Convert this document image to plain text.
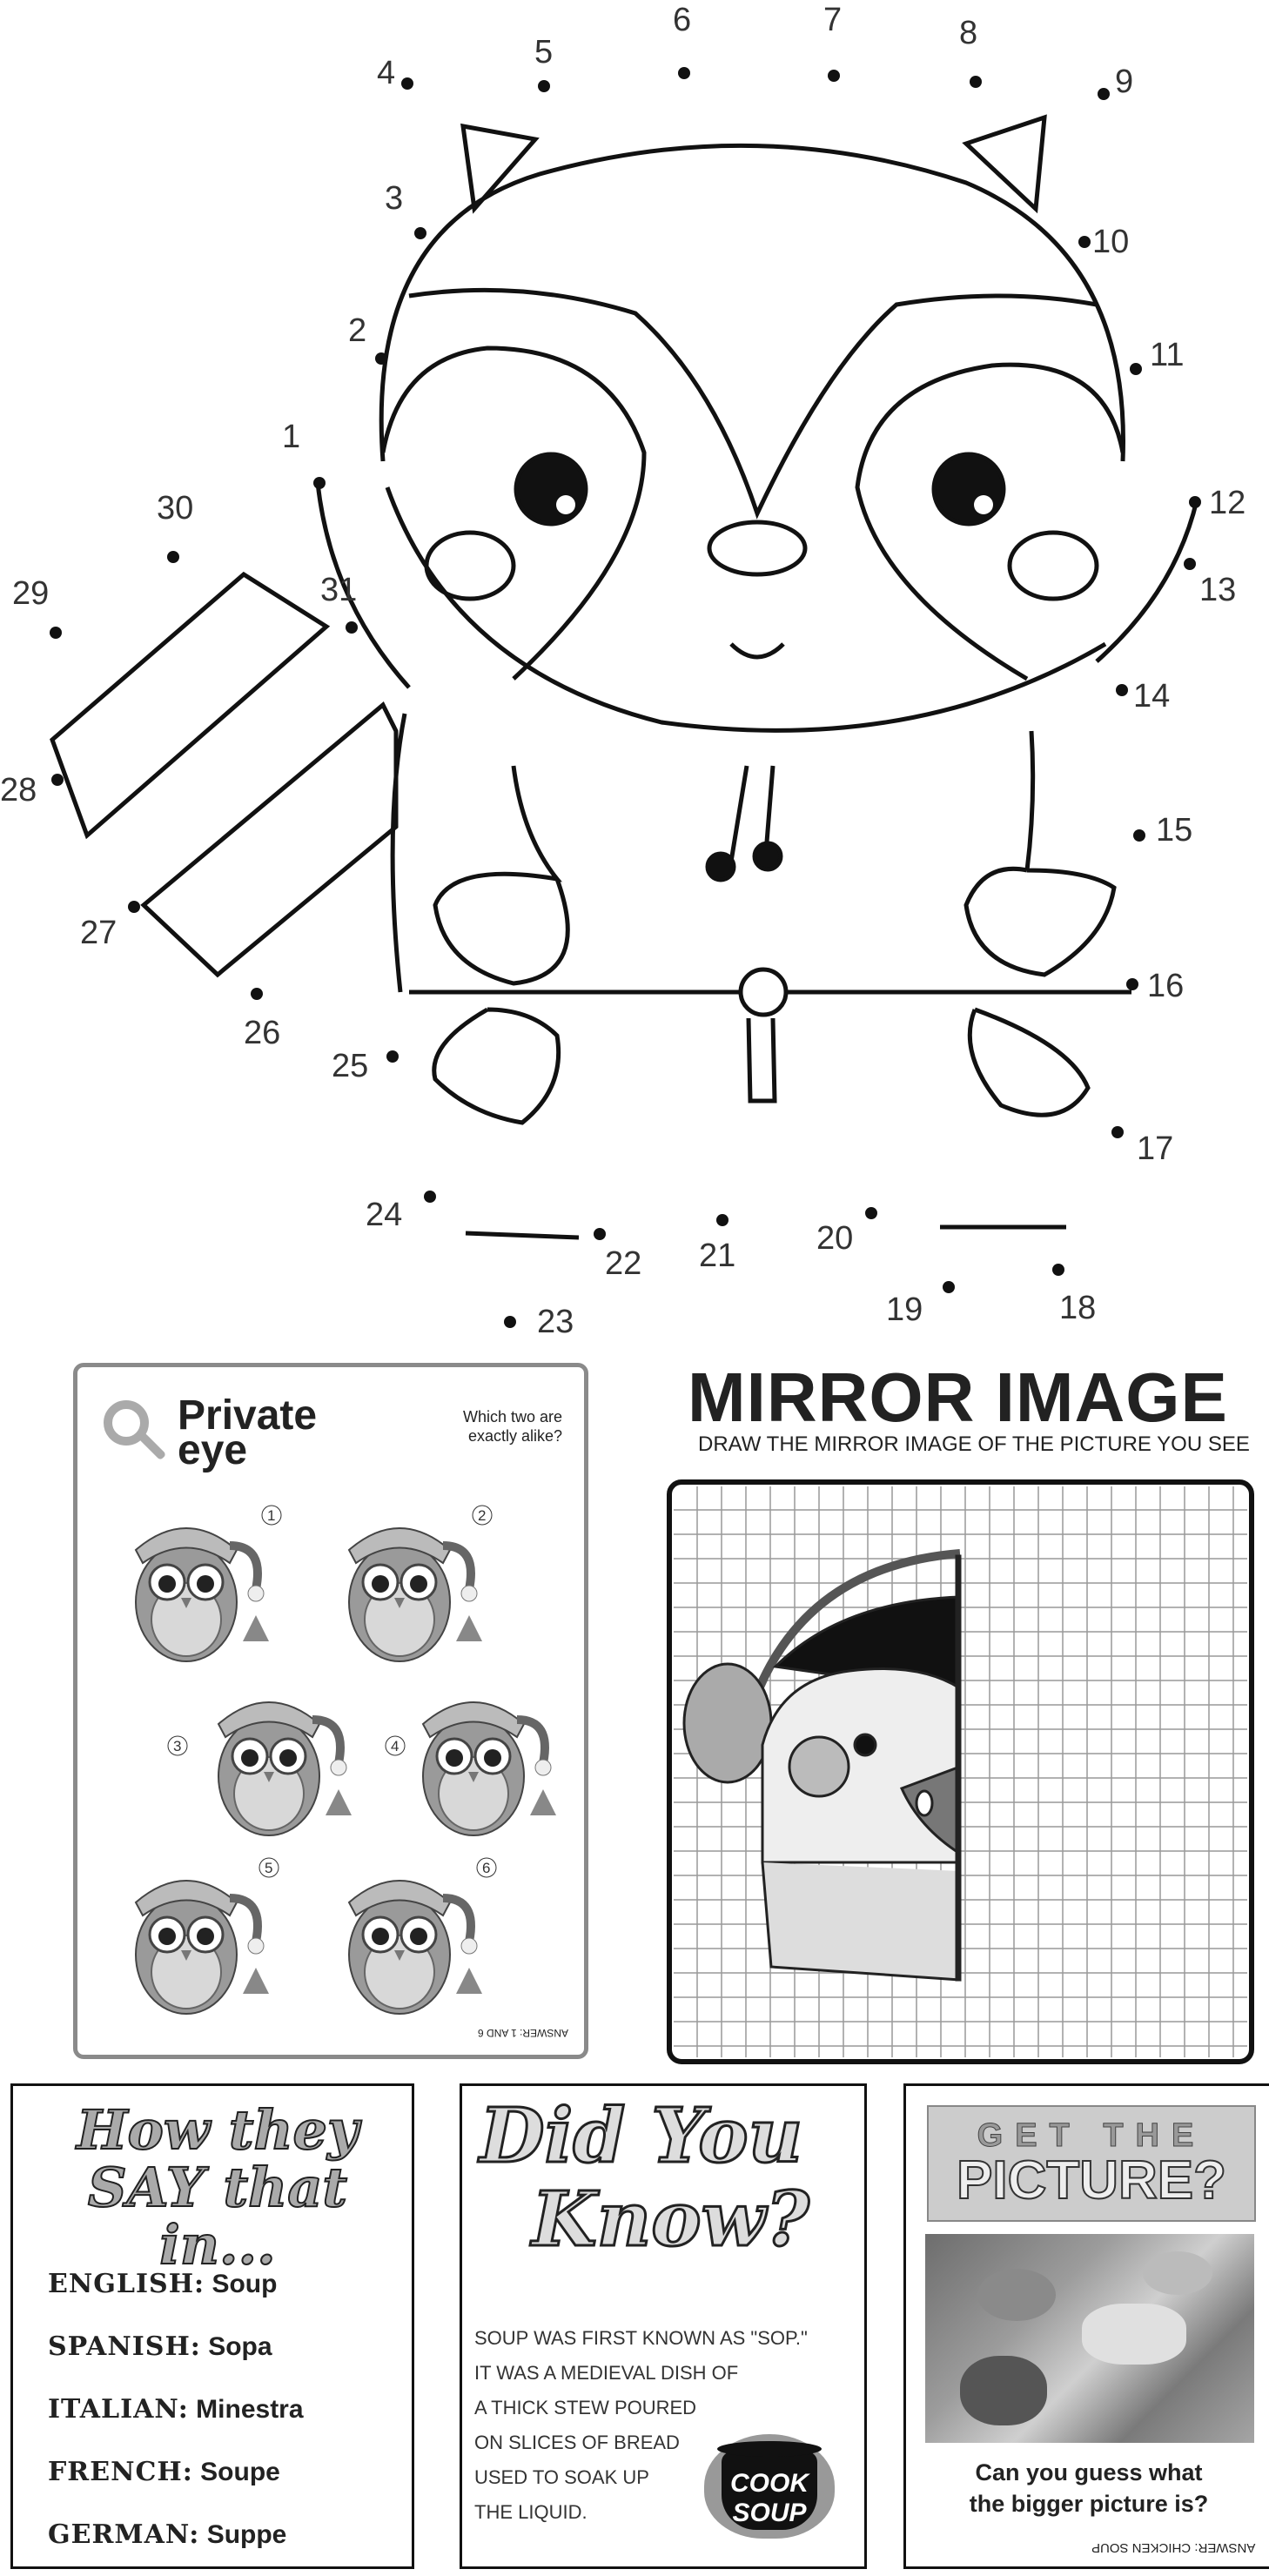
1
2
3
4
5
6	7	8
9
10
11
12
13
14
15
16
17
18
19
20
21
22
23
24
25
26
27
28
29
30
31
Private
eye
Which two are exactly alike?
1	2
3	4
5	6
ANSWER: 1 AND 6
MIRROR IMAGE
DRAW THE MIRROR IMAGE OF THE PICTURE YOU SEE
How they
SAY that in...
ENGLISH: Soup
SPANISH: Sopa
ITALIAN: Minestra
FRENCH: Soupe
GERMAN: Suppe
Did You
Know?
SOUP WAS FIRST KNOWN AS "SOP."
IT WAS A MEDIEVAL DISH OF
A THICK STEW POURED
ON SLICES OF BREAD
USED TO SOAK UP
THE LIQUID.
COOK
SOUP
GET THE
PICTURE?
Can you guess what
the bigger picture is?
ANSWER: CHICKEN SOUP
